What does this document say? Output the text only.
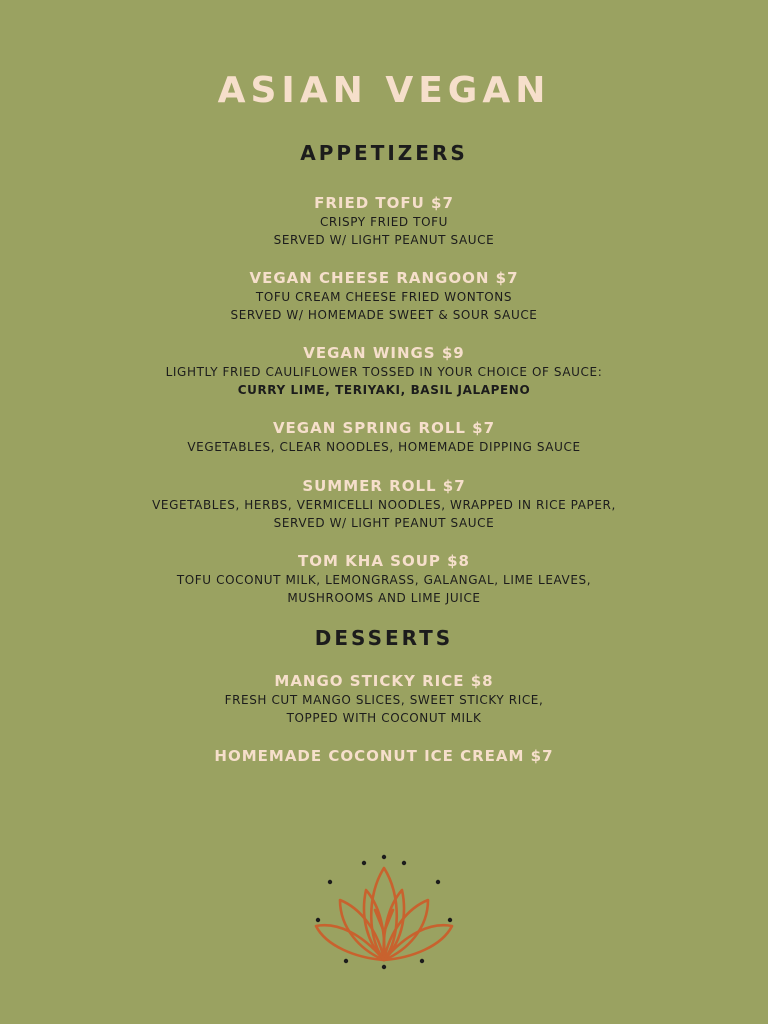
ASIAN VEGAN
APPETIZERS
FRIED TOFU $7
CRISPY FRIED TOFU
SERVED W/ LIGHT PEANUT SAUCE
VEGAN CHEESE RANGOON $7
TOFU CREAM CHEESE FRIED WONTONS
SERVED W/ HOMEMADE SWEET & SOUR SAUCE
VEGAN WINGS $9
LIGHTLY FRIED CAULIFLOWER TOSSED IN YOUR CHOICE OF SAUCE:
CURRY LIME, TERIYAKI, BASIL JALAPENO
VEGAN SPRING ROLL $7
VEGETABLES, CLEAR NOODLES, HOMEMADE DIPPING SAUCE
SUMMER ROLL $7
VEGETABLES, HERBS, VERMICELLI NOODLES, WRAPPED IN RICE PAPER,
SERVED W/ LIGHT PEANUT SAUCE
TOM KHA SOUP $8
TOFU COCONUT MILK, LEMONGRASS, GALANGAL, LIME LEAVES,
MUSHROOMS AND LIME JUICE
DESSERTS
MANGO STICKY RICE $8
FRESH CUT MANGO SLICES, SWEET STICKY RICE,
TOPPED WITH COCONUT MILK
HOMEMADE COCONUT ICE CREAM $7
